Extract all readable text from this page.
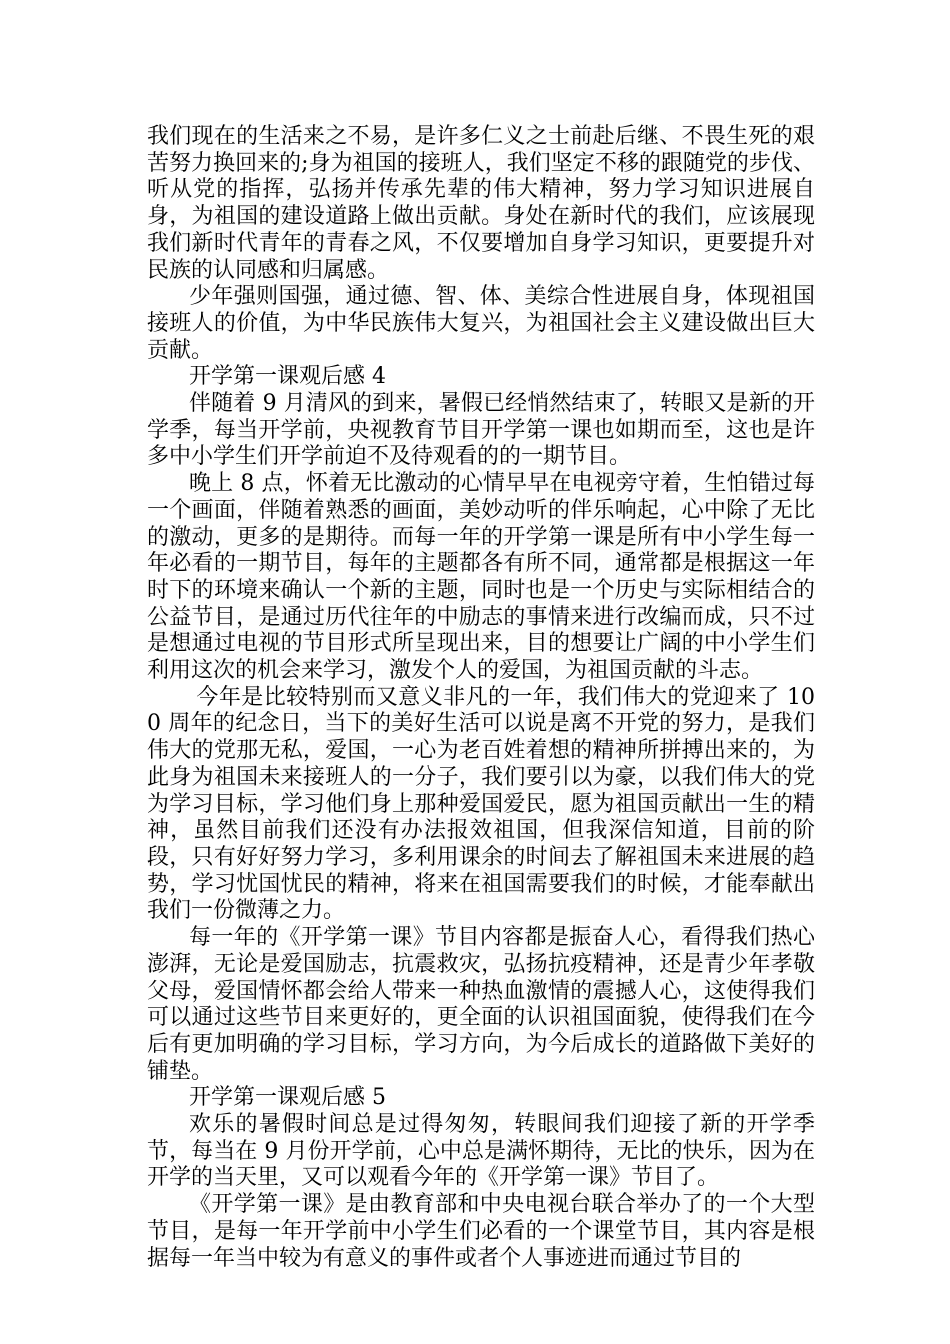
我们现在的生活来之不易，是许多仁义之士前赴后继、不畏生死的艰苦努力换回来的;身为祖国的接班人，我们坚定不移的跟随党的步伐、听从党的指挥，弘扬并传承先辈的伟大精神，努力学习知识进展自身，为祖国的建设道路上做出贡献。身处在新时代的我们，应该展现我们新时代青年的青春之风，不仅要增加自身学习知识，更要提升对民族的认同感和归属感。

少年强则国强，通过德、智、体、美综合性进展自身，体现祖国接班人的价值，为中华民族伟大复兴，为祖国社会主义建设做出巨大贡献。

开学第一课观后感 4

伴随着 9 月清风的到来，暑假已经悄然结束了，转眼又是新的开学季，每当开学前，央视教育节目开学第一课也如期而至，这也是许多中小学生们开学前迫不及待观看的的一期节目。

晚上 8 点，怀着无比激动的心情早早在电视旁守着，生怕错过每一个画面，伴随着熟悉的画面，美妙动听的伴乐响起，心中除了无比的激动，更多的是期待。而每一年的开学第一课是所有中小学生每一年必看的一期节目，每年的主题都各有所不同，通常都是根据这一年时下的环境来确认一个新的主题，同时也是一个历史与实际相结合的公益节目，是通过历代往年的中励志的事情来进行改编而成，只不过是想通过电视的节目形式所呈现出来，目的想要让广阔的中小学生们利用这次的机会来学习，激发个人的爱国，为祖国贡献的斗志。

今年是比较特别而又意义非凡的一年，我们伟大的党迎来了 100 周年的纪念日，当下的美好生活可以说是离不开党的努力，是我们伟大的党那无私，爱国，一心为老百姓着想的精神所拼搏出来的，为此身为祖国未来接班人的一分子，我们要引以为豪，以我们伟大的党为学习目标，学习他们身上那种爱国爱民，愿为祖国贡献出一生的精神，虽然目前我们还没有办法报效祖国，但我深信知道，目前的阶段，只有好好努力学习，多利用课余的时间去了解祖国未来进展的趋势，学习忧国忧民的精神，将来在祖国需要我们的时候，才能奉献出我们一份微薄之力。

每一年的《开学第一课》节目内容都是振奋人心，看得我们热心澎湃，无论是爱国励志，抗震救灾，弘扬抗疫精神，还是青少年孝敬父母，爱国情怀都会给人带来一种热血激情的震撼人心，这使得我们可以通过这些节目来更好的，更全面的认识祖国面貌，使得我们在今后有更加明确的学习目标，学习方向，为今后成长的道路做下美好的铺垫。

开学第一课观后感 5

欢乐的暑假时间总是过得匆匆，转眼间我们迎接了新的开学季节，每当在 9 月份开学前，心中总是满怀期待，无比的快乐，因为在开学的当天里，又可以观看今年的《开学第一课》节目了。

《开学第一课》是由教育部和中央电视台联合举办了的一个大型节目，是每一年开学前中小学生们必看的一个课堂节目，其内容是根据每一年当中较为有意义的事件或者个人事迹进而通过节目的
